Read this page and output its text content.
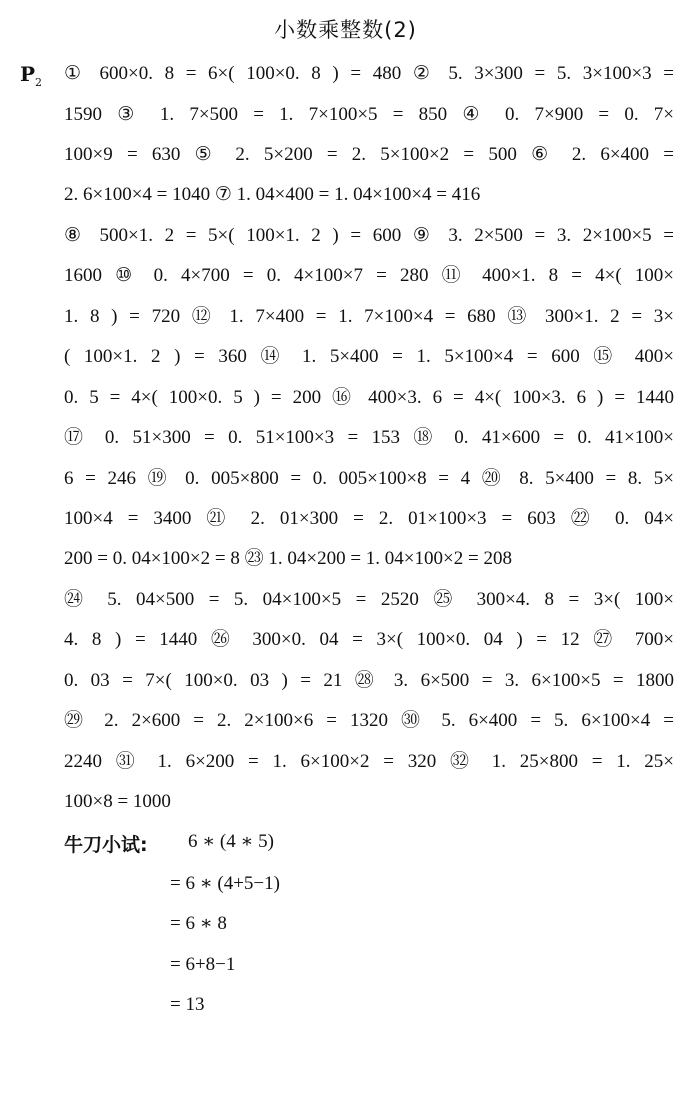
小数乘整数(2)
$P_2$ ① 600×0. 8 = 6×( 100×0. 8 ) = 480 ② 5. 3×300 = 5. 3×100×3 =
1590 ③ 1. 7×500 = 1. 7×100×5 = 850 ④ 0. 7×900 = 0. 7×
100×9 = 630 ⑤ 2. 5×200 = 2. 5×100×2 = 500 ⑥ 2. 6×400 =
2. 6×100×4 = 1040 ⑦ 1. 04×400 = 1. 04×100×4 = 416
⑧ 500×1. 2 = 5×( 100×1. 2 ) = 600 ⑨ 3. 2×500 = 3. 2×100×5 =
1600 ⑩ 0. 4×700 = 0. 4×100×7 = 280 ⑪ 400×1. 8 = 4×( 100×
1. 8 ) = 720 ⑫ 1. 7×400 = 1. 7×100×4 = 680 ⑬ 300×1. 2 = 3×
( 100×1. 2 ) = 360 ⑭ 1. 5×400 = 1. 5×100×4 = 600 ⑮ 400×
0. 5 = 4×( 100×0. 5 ) = 200 ⑯ 400×3. 6 = 4×( 100×3. 6 ) = 1440
⑰ 0. 51×300 = 0. 51×100×3 = 153 ⑱ 0. 41×600 = 0. 41×100×
6 = 246 ⑲ 0. 005×800 = 0. 005×100×8 = 4 ⑳ 8. 5×400 = 8. 5×
100×4 = 3400 ㉑ 2. 01×300 = 2. 01×100×3 = 603 ㉒ 0. 04×
200 = 0. 04×100×2 = 8 ㉓ 1. 04×200 = 1. 04×100×2 = 208
㉔ 5. 04×500 = 5. 04×100×5 = 2520 ㉕ 300×4. 8 = 3×( 100×
4. 8 ) = 1440 ㉖ 300×0. 04 = 3×( 100×0. 04 ) = 12 ㉗ 700×
0. 03 = 7×( 100×0. 03 ) = 21 ㉘ 3. 6×500 = 3. 6×100×5 = 1800
㉙ 2. 2×600 = 2. 2×100×6 = 1320 ㉚ 5. 6×400 = 5. 6×100×4 =
2240 ㉛ 1. 6×200 = 1. 6×100×2 = 320 ㉜ 1. 25×800 = 1. 25×
100×8 = 1000
牛刀小试: 6 ∗ (4 ∗ 5)
= 6 ∗ (4+5−1)
= 6 ∗ 8
= 6+8−1
= 13
